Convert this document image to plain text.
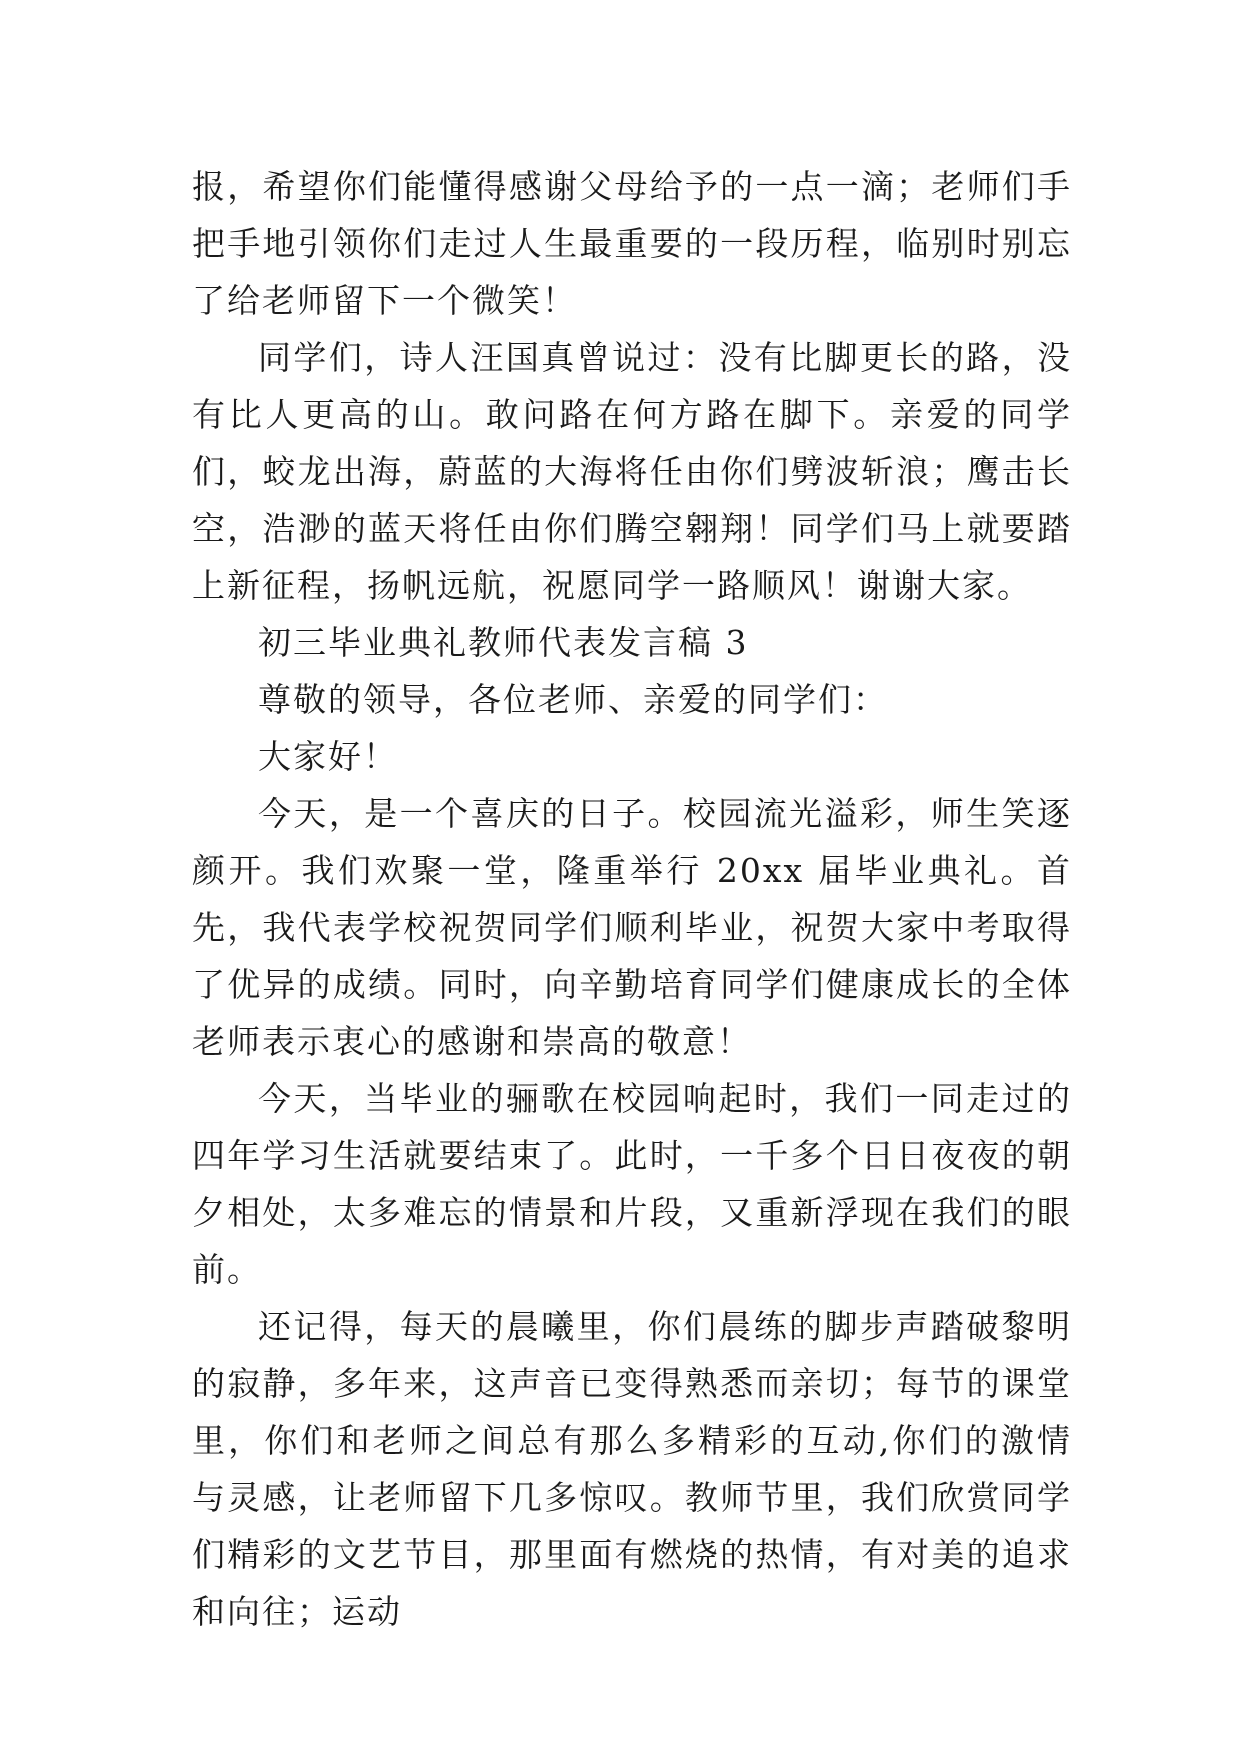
报，希望你们能懂得感谢父母给予的一点一滴；老师们手把手地引领你们走过人生最重要的一段历程，临别时别忘了给老师留下一个微笑！

同学们，诗人汪国真曾说过：没有比脚更长的路，没有比人更高的山。敢问路在何方路在脚下。亲爱的同学们，蛟龙出海，蔚蓝的大海将任由你们劈波斩浪；鹰击长空，浩渺的蓝天将任由你们腾空翱翔！同学们马上就要踏上新征程，扬帆远航，祝愿同学一路顺风！谢谢大家。

初三毕业典礼教师代表发言稿 3

尊敬的领导，各位老师、亲爱的同学们：

大家好！

今天，是一个喜庆的日子。校园流光溢彩，师生笑逐颜开。我们欢聚一堂，隆重举行 20xx 届毕业典礼。首先，我代表学校祝贺同学们顺利毕业，祝贺大家中考取得了优异的成绩。同时，向辛勤培育同学们健康成长的全体老师表示衷心的感谢和崇高的敬意！

今天，当毕业的骊歌在校园响起时，我们一同走过的四年学习生活就要结束了。此时，一千多个日日夜夜的朝夕相处，太多难忘的情景和片段，又重新浮现在我们的眼前。

还记得，每天的晨曦里，你们晨练的脚步声踏破黎明的寂静，多年来，这声音已变得熟悉而亲切；每节的课堂里，你们和老师之间总有那么多精彩的互动,你们的激情与灵感，让老师留下几多惊叹。教师节里，我们欣赏同学们精彩的文艺节目，那里面有燃烧的热情，有对美的追求和向往；运动
